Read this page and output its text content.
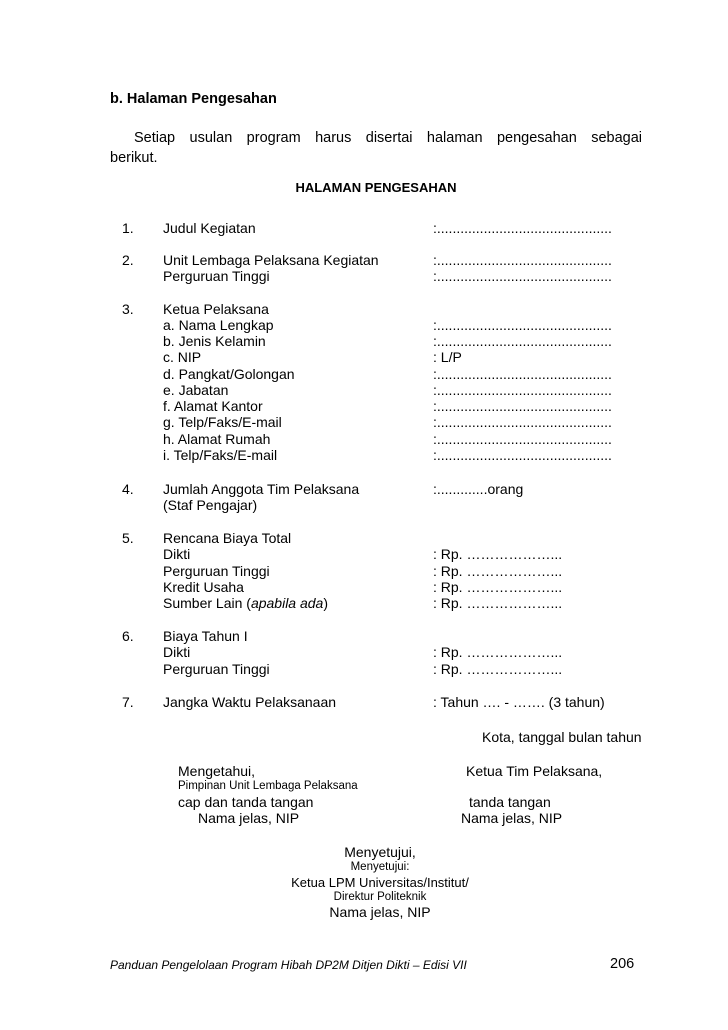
b. Halaman Pengesahan
Setiap usulan program harus disertai halaman pengesahan sebagai
berikut.
HALAMAN PENGESAHAN
1. Judul Kegiatan	:.............................................
2. Unit Lembaga Pelaksana Kegiatan	:.............................................
Perguruan Tinggi	:.............................................
3. Ketua Pelaksana
a. Nama Lengkap	:.............................................
b. Jenis Kelamin	:.............................................
c. NIP	: L/P
d. Pangkat/Golongan	:.............................................
e. Jabatan	:.............................................
f. Alamat Kantor	:.............................................
g. Telp/Faks/E-mail	:.............................................
h. Alamat Rumah	:.............................................
i. Telp/Faks/E-mail	:.............................................
4. Jumlah Anggota Tim Pelaksana	:.............orang
(Staf Pengajar)
5. Rencana Biaya Total
Dikti	: Rp. ………………...
Perguruan Tinggi	: Rp. ………………...
Kredit Usaha	: Rp. ………………...
Sumber Lain (apabila ada)	: Rp. ………………...
6. Biaya Tahun I
Dikti	: Rp. ………………...
Perguruan Tinggi	: Rp. ………………...
7. Jangka Waktu Pelaksanaan	: Tahun …. - ……. (3 tahun)
Kota, tanggal bulan tahun
Mengetahui,
Pimpinan Unit Lembaga Pelaksana
cap dan tanda tangan
Nama jelas, NIP
Ketua Tim Pelaksana,
tanda tangan
Nama jelas, NIP
Menyetujui,
Menyetujui:
Ketua LPM Universitas/Institut/
Direktur Politeknik
Nama jelas, NIP
Panduan Pengelolaan Program Hibah DP2M Ditjen Dikti – Edisi VII	206
